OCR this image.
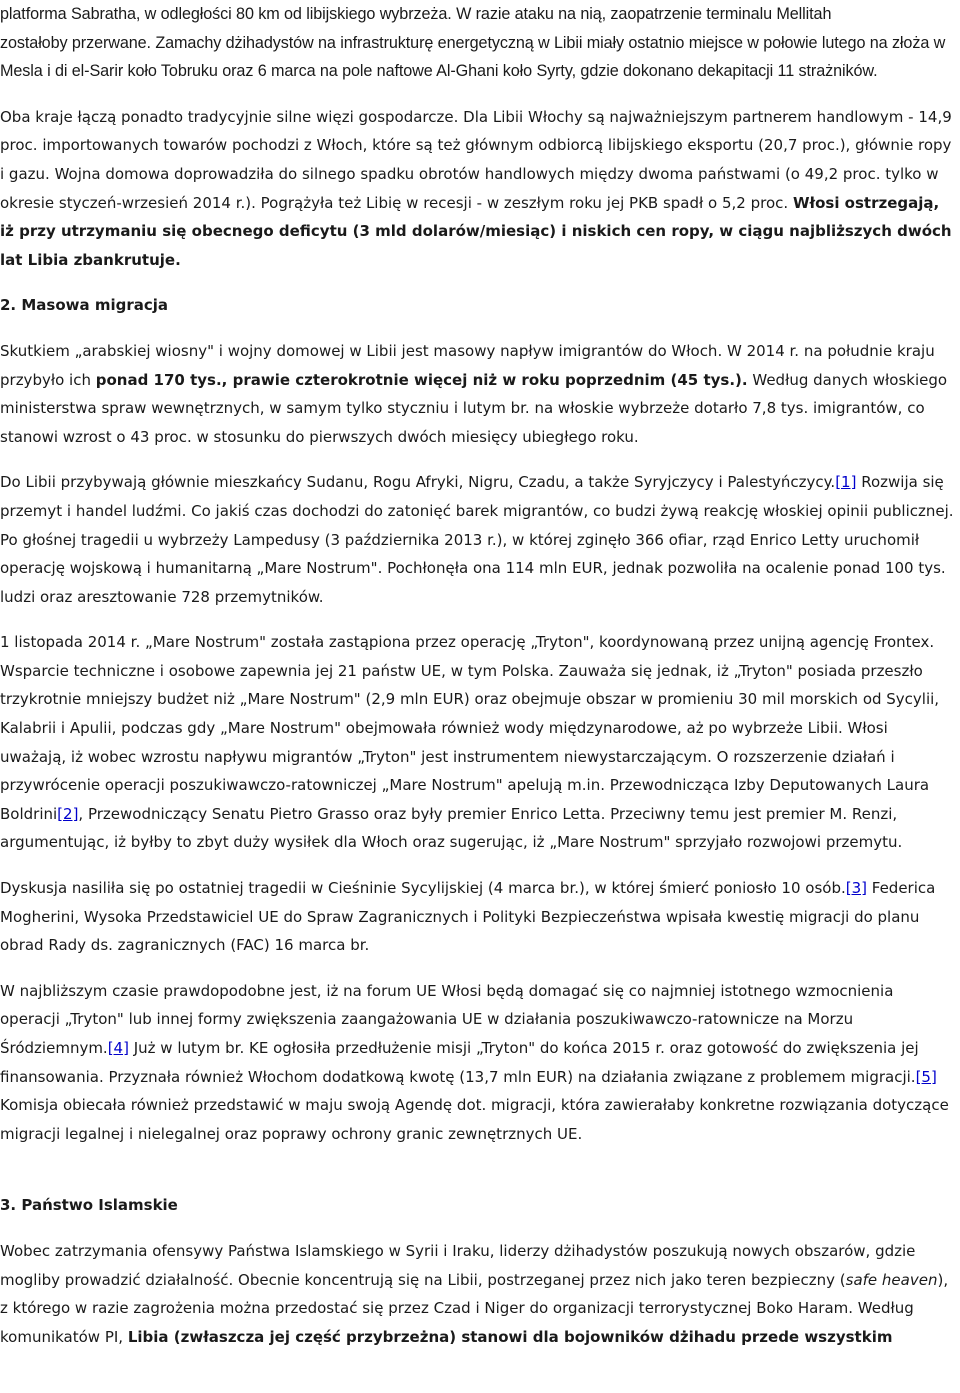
platforma Sabratha, w odległości 80 km od libijskiego wybrzeża. W razie ataku na nią, zaopatrzenie terminalu Mellitah
zostałoby przerwane. Zamachy dżihadystów na infrastrukturę energetyczną w Libii miały ostatnio miejsce w połowie lutego na złoża w Mesla i di el-Sarir koło Tobruku oraz 6 marca na pole naftowe Al-Ghani koło Syrty, gdzie dokonano dekapitacji 11 strażników.

Oba kraje łączą ponadto tradycyjnie silne więzi gospodarcze. Dla Libii Włochy są najważniejszym partnerem handlowym - 14,9 proc. importowanych towarów pochodzi z Włoch, które są też głównym odbiorcą libijskiego eksportu (20,7 proc.), głównie ropy i gazu. Wojna domowa doprowadziła do silnego spadku obrotów handlowych między dwoma państwami (o 49,2 proc. tylko w okresie styczeń-wrzesień 2014 r.). Pogrążyła też Libię w recesji - w zeszłym roku jej PKB spadł o 5,2 proc. Włosi ostrzegają, iż przy utrzymaniu się obecnego deficytu (3 mld dolarów/miesiąc) i niskich cen ropy, w ciągu najbliższych dwóch lat Libia zbankrutuje.

2. Masowa migracja

Skutkiem „arabskiej wiosny" i wojny domowej w Libii jest masowy napływ imigrantów do Włoch. W 2014 r. na południe kraju przybyło ich ponad 170 tys., prawie czterokrotnie więcej niż w roku poprzednim (45 tys.). Według danych włoskiego ministerstwa spraw wewnętrznych, w samym tylko styczniu i lutym br. na włoskie wybrzeże dotarło 7,8 tys. imigrantów, co stanowi wzrost o 43 proc. w stosunku do pierwszych dwóch miesięcy ubiegłego roku.

Do Libii przybywają głównie mieszkańcy Sudanu, Rogu Afryki, Nigru, Czadu, a także Syryjczycy i Palestyńczycy.[1] Rozwija się przemyt i handel ludźmi. Co jakiś czas dochodzi do zatonięć barek migrantów, co budzi żywą reakcję włoskiej opinii publicznej. Po głośnej tragedii u wybrzeży Lampedusy (3 października 2013 r.), w której zginęło 366 ofiar, rząd Enrico Letty uruchomił operację wojskową i humanitarną „Mare Nostrum". Pochłonęła ona 114 mln EUR, jednak pozwoliła na ocalenie ponad 100 tys. ludzi oraz aresztowanie 728 przemytników.

1 listopada 2014 r. „Mare Nostrum" została zastąpiona przez operację „Tryton", koordynowaną przez unijną agencję Frontex. Wsparcie techniczne i osobowe zapewnia jej 21 państw UE, w tym Polska. Zauważa się jednak, iż „Tryton" posiada przeszło trzykrotnie mniejszy budżet niż „Mare Nostrum" (2,9 mln EUR) oraz obejmuje obszar w promieniu 30 mil morskich od Sycylii, Kalabrii i Apulii, podczas gdy „Mare Nostrum" obejmowała również wody międzynarodowe, aż po wybrzeże Libii. Włosi uważają, iż wobec wzrostu napływu migrantów „Tryton" jest instrumentem niewystarczającym. O rozszerzenie działań i przywrócenie operacji poszukiwawczo-ratowniczej „Mare Nostrum" apelują m.in. Przewodnicząca Izby Deputowanych Laura Boldrini[2], Przewodniczący Senatu Pietro Grasso oraz były premier Enrico Letta. Przeciwny temu jest premier M. Renzi, argumentując, iż byłby to zbyt duży wysiłek dla Włoch oraz sugerując, iż „Mare Nostrum" sprzyjało rozwojowi przemytu.

Dyskusja nasiliła się po ostatniej tragedii w Cieśninie Sycylijskiej (4 marca br.), w której śmierć poniosło 10 osób.[3] Federica Mogherini, Wysoka Przedstawiciel UE do Spraw Zagranicznych i Polityki Bezpieczeństwa wpisała kwestię migracji do planu obrad Rady ds. zagranicznych (FAC) 16 marca br.

W najbliższym czasie prawdopodobne jest, iż na forum UE Włosi będą domagać się co najmniej istotnego wzmocnienia operacji „Tryton" lub innej formy zwiększenia zaangażowania UE w działania poszukiwawczo-ratownicze na Morzu Śródziemnym.[4] Już w lutym br. KE ogłosiła przedłużenie misji „Tryton" do końca 2015 r. oraz gotowość do zwiększenia jej finansowania. Przyznała również Włochom dodatkową kwotę (13,7 mln EUR) na działania związane z problemem migracji.[5] Komisja obiecała również przedstawić w maju swoją Agendę dot. migracji, która zawierałaby konkretne rozwiązania dotyczące migracji legalnej i nielegalnej oraz poprawy ochrony granic zewnętrznych UE.

3. Państwo Islamskie

Wobec zatrzymania ofensywy Państwa Islamskiego w Syrii i Iraku, liderzy dżihadystów poszukują nowych obszarów, gdzie mogliby prowadzić działalność. Obecnie koncentrują się na Libii, postrzeganej przez nich jako teren bezpieczny (safe heaven), z którego w razie zagrożenia można przedostać się przez Czad i Niger do organizacji terrorystycznej Boko Haram. Według komunikatów PI, Libia (zwłaszcza jej część przybrzeżna) stanowi dla bojowników dżihadu przede wszystkim
